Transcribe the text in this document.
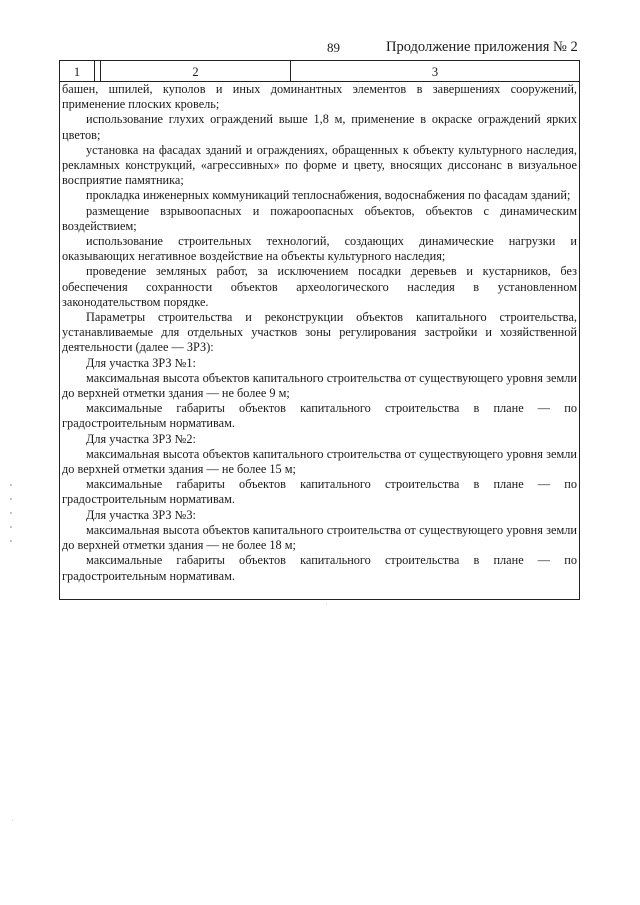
89	Продолжение приложения № 2
1	2	3

башен, шпилей, куполов и иных доминантных элементов в завершениях сооружений, применение плоских кровель;

использование глухих ограждений выше 1,8 м, применение в окраске ограждений ярких цветов;

установка на фасадах зданий и ограждениях, обращенных к объекту культурного наследия, рекламных конструкций, «агрессивных» по форме и цвету, вносящих диссонанс в визуальное восприятие памятника;

прокладка инженерных коммуникаций теплоснабжения, водоснабжения по фасадам зданий;

размещение взрывоопасных и пожароопасных объектов, объектов с динамическим воздействием;

использование строительных технологий, создающих динамические нагрузки и оказывающих негативное воздействие на объекты культурного наследия;

проведение земляных работ, за исключением посадки деревьев и кустарников, без обеспечения сохранности объектов археологического наследия в установленном законодательством порядке.

Параметры строительства и реконструкции объектов капитального строительства, устанавливаемые для отдельных участков зоны регулирования застройки и хозяйственной деятельности (далее — ЗРЗ):

Для участка ЗРЗ №1:

максимальная высота объектов капитального строительства от существующего уровня земли до верхней отметки здания — не более 9 м;

максимальные габариты объектов капитального строительства в плане — по градостроительным нормативам.

Для участка ЗРЗ №2:

максимальная высота объектов капитального строительства от существующего уровня земли до верхней отметки здания — не более 15 м;

максимальные габариты объектов капитального строительства в плане — по градостроительным нормативам.

Для участка ЗРЗ №3:

максимальная высота объектов капитального строительства от существующего уровня земли до верхней отметки здания — не более 18 м;

максимальные габариты объектов капитального строительства в плане — по градостроительным нормативам.
